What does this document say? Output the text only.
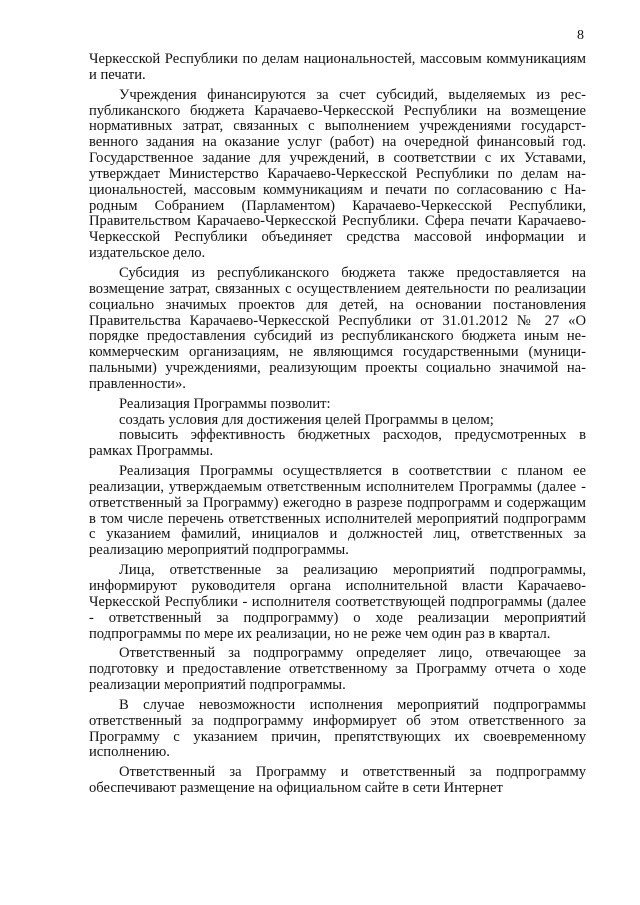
8

Черкесской Республики по делам национальностей, массовым коммуникациям и печати.

Учреждения финансируются за счет субсидий, выделяемых из республиканского бюджета Карачаево-Черкесской Республики на возмещение нормативных затрат, связанных с выполнением учреждениями государственного задания на оказание услуг (работ) на очередной финансовый год. Государственное задание для учреждений, в соответствии с их Уставами, утверждает Министерство Карачаево-Черкесской Республики по делам национальностей, массовым коммуникациям и печати по согласованию с Народным Собранием (Парламентом) Карачаево-Черкесской Республики, Правительством Карачаево-Черкесской Республики. Сфера печати Карачаево-Черкесской Республики объединяет средства массовой информации и издательское дело.

Субсидия из республиканского бюджета также предоставляется на возмещение затрат, связанных с осуществлением деятельности по реализации социально значимых проектов для детей, на основании постановления Правительства Карачаево-Черкесской Республики от 31.01.2012 № 27 «О порядке предоставления субсидий из республиканского бюджета иным некоммерческим организациям, не являющимся государственными (муниципальными) учреждениями, реализующим проекты социально значимой направленности».

Реализация Программы позволит:

создать условия для достижения целей Программы в целом;

повысить эффективность бюджетных расходов, предусмотренных в рамках Программы.

Реализация Программы осуществляется в соответствии с планом ее реализации, утверждаемым ответственным исполнителем Программы (далее - ответственный за Программу) ежегодно в разрезе подпрограмм и содержащим в том числе перечень ответственных исполнителей мероприятий подпрограмм с указанием фамилий, инициалов и должностей лиц, ответственных за реализацию мероприятий подпрограммы.

Лица, ответственные за реализацию мероприятий подпрограммы, информируют руководителя органа исполнительной власти Карачаево-Черкесской Республики - исполнителя соответствующей подпрограммы (далее - ответственный за подпрограмму) о ходе реализации мероприятий подпрограммы по мере их реализации, но не реже чем один раз в квартал.

Ответственный за подпрограмму определяет лицо, отвечающее за подготовку и предоставление ответственному за Программу отчета о ходе реализации мероприятий подпрограммы.

В случае невозможности исполнения мероприятий подпрограммы ответственный за подпрограмму информирует об этом ответственного за Программу с указанием причин, препятствующих их своевременному исполнению.

Ответственный за Программу и ответственный за подпрограмму обеспечивают размещение на официальном сайте в сети Интернет
